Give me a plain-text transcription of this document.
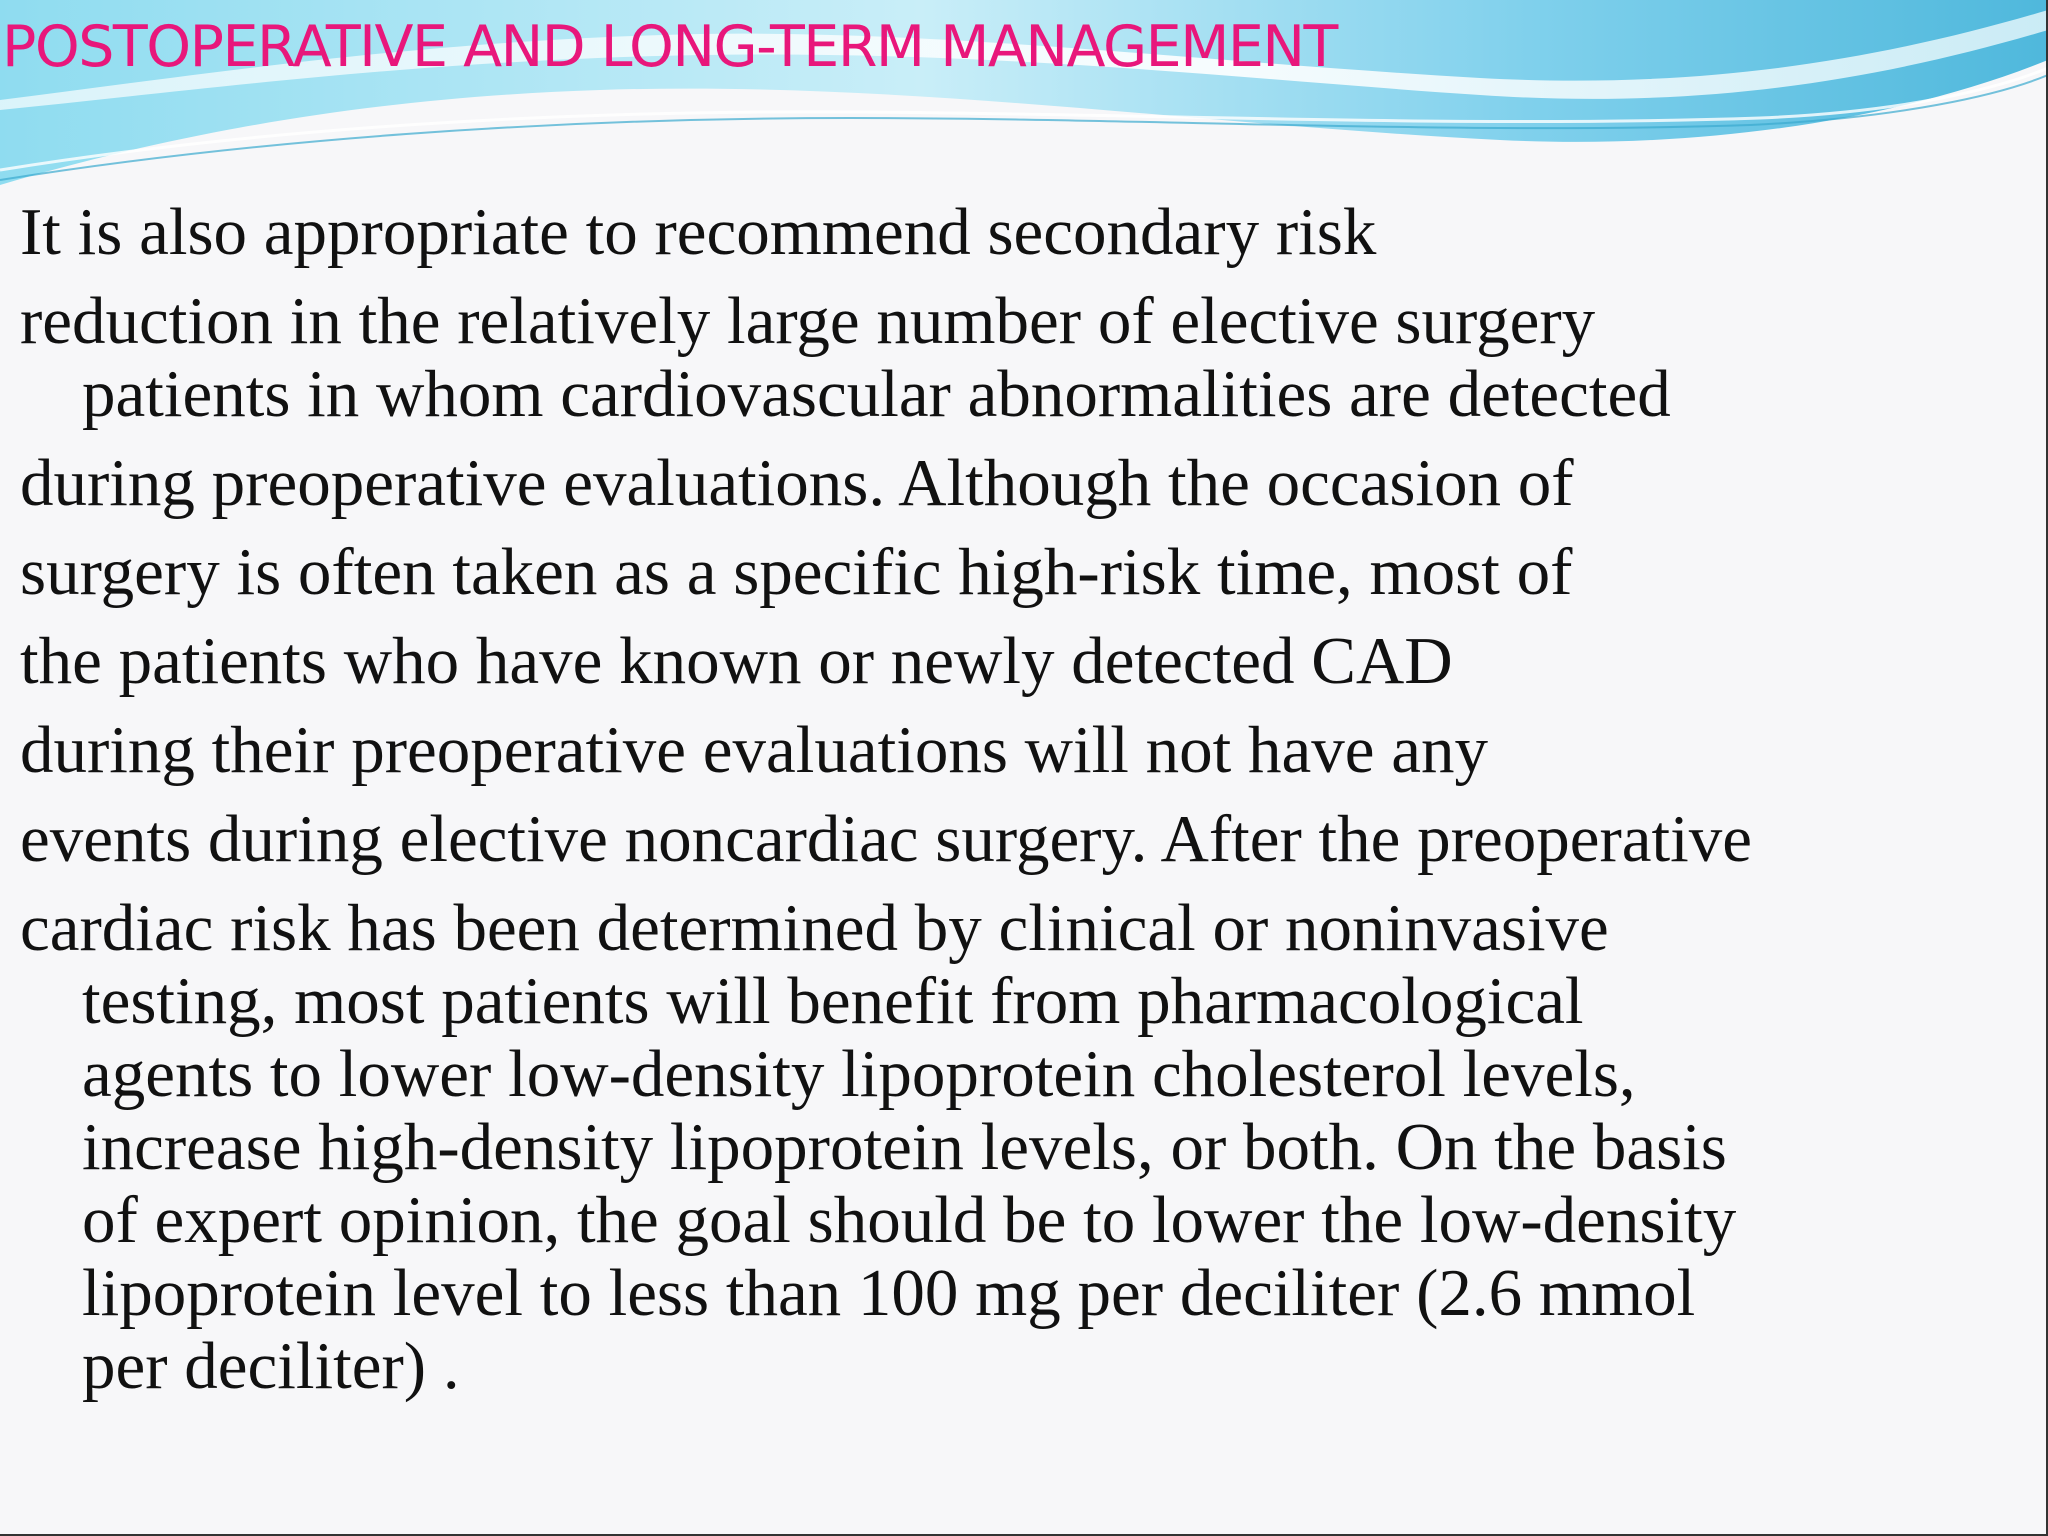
POSTOPERATIVE AND LONG-TERM MANAGEMENT

It is also appropriate to recommend secondary risk

reduction in the relatively large number of elective surgery
patients in whom cardiovascular abnormalities are detected

during preoperative evaluations. Although the occasion of

surgery is often taken as a specific high-risk time, most of

the patients who have known or newly detected CAD

during their preoperative evaluations will not have any

events during elective noncardiac surgery. After the preoperative

cardiac risk has been determined by clinical or noninvasive
testing, most patients will benefit from pharmacological
agents to lower low-density lipoprotein cholesterol levels,
increase high-density lipoprotein levels, or both. On the basis
of expert opinion, the goal should be to lower the low-density
lipoprotein level to less than 100 mg per deciliter (2.6 mmol
per deciliter) .
